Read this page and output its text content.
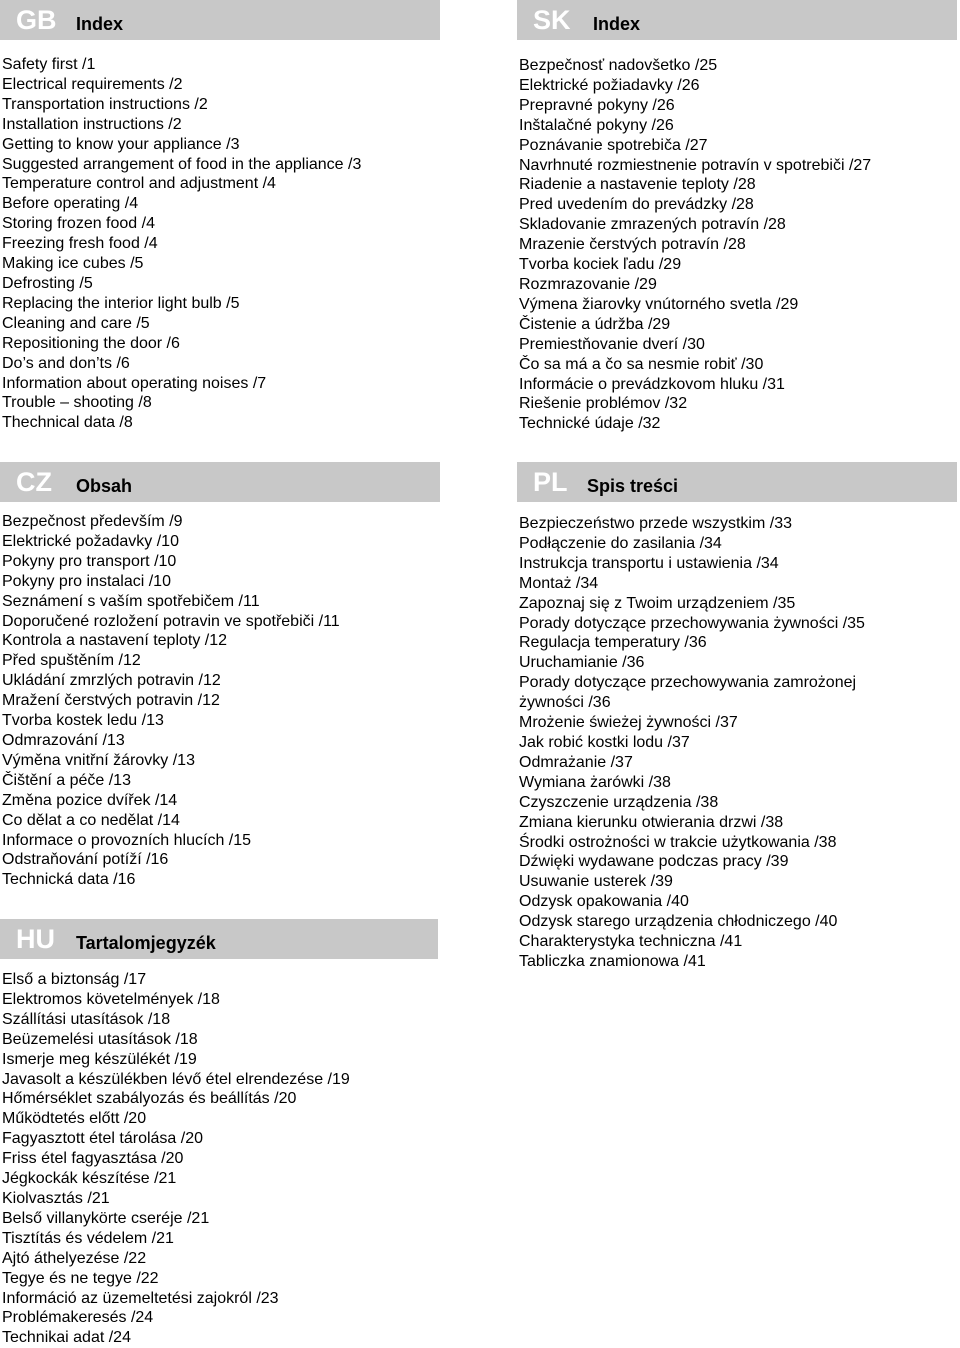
GB Index
Safety first /1
Electrical requirements /2
Transportation instructions /2
Installation instructions /2
Getting to know your appliance /3
Suggested arrangement of food in the appliance /3
Temperature control and adjustment /4
Before operating /4
Storing frozen food /4
Freezing fresh food /4
Making ice cubes /5
Defrosting /5
Replacing the interior light bulb /5
Cleaning and care /5
Repositioning the door /6
Do’s and don’ts /6
Information about operating noises /7
Trouble – shooting /8
Thechnical data /8
SK Index
Bezpečnosť nadovšetko /25
Elektrické požiadavky /26
Prepravné pokyny /26
Inštalačné pokyny /26
Poznávanie spotrebiča /27
Navrhnuté rozmiestnenie potravín v spotrebiči /27
Riadenie a nastavenie teploty /28
Pred uvedením do prevádzky /28
Skladovanie zmrazených potravín /28
Mrazenie čerstvých potravín /28
Tvorba kociek ľadu /29
Rozmrazovanie /29
Výmena žiarovky vnútorného svetla /29
Čistenie a údržba /29
Premiestňovanie dverí /30
Čo sa má a čo sa nesmie robiť /30
Informácie o prevádzkovom hluku /31
Riešenie problémov /32
Technické údaje /32
CZ Obsah
Bezpečnost především /9
Elektrické požadavky /10
Pokyny pro transport /10
Pokyny pro instalaci /10
Seznámení s vaším spotřebičem /11
Doporučené rozložení potravin ve spotřebiči /11
Kontrola a nastavení teploty /12
Před spuštěním /12
Ukládání zmrzlých potravin /12
Mražení čerstvých potravin /12
Tvorba kostek ledu /13
Odmrazování /13
Výměna vnitřní žárovky /13
Čištění a péče /13
Změna pozice dvířek /14
Co dělat a co nedělat /14
Informace o provozních hlucích /15
Odstraňování potíží /16
Technická data /16
PL Spis treści
Bezpieczeństwo przede wszystkim /33
Podłączenie do zasilania /34
Instrukcja transportu i ustawienia /34
Montaż /34
Zapoznaj się z Twoim urządzeniem /35
Porady dotyczące przechowywania żywności /35
Regulacja temperatury /36
Uruchamianie /36
Porady dotyczące przechowywania zamrożonej żywności /36
Mrożenie świeżej żywności /37
Jak robić kostki lodu /37
Odmrażanie /37
Wymiana żarówki /38
Czyszczenie urządzenia /38
Zmiana kierunku otwierania drzwi /38
Środki ostrożności w trakcie użytkowania /38
Dźwięki wydawane podczas pracy /39
Usuwanie usterek /39
Odzysk opakowania /40
Odzysk starego urządzenia chłodniczego /40
Charakterystyka techniczna /41
Tabliczka znamionowa /41
HU Tartalomjegyzék
Első a biztonság /17
Elektromos követelmények /18
Szállítási utasítások /18
Beüzemelési utasítások /18
Ismerje meg készülékét /19
Javasolt a készülékben lévő étel elrendezése /19
Hőmérséklet szabályozás és beállítás /20
Működtetés előtt /20
Fagyasztott étel tárolása /20
Friss étel fagyasztása /20
Jégkockák készítése /21
Kiolvasztás /21
Belső villanykörte cseréje /21
Tisztítás és védelem /21
Ajtó áthelyezése /22
Tegye és ne tegye /22
Információ az üzemeltetési zajokról /23
Problémakeresés /24
Technikai adat /24
